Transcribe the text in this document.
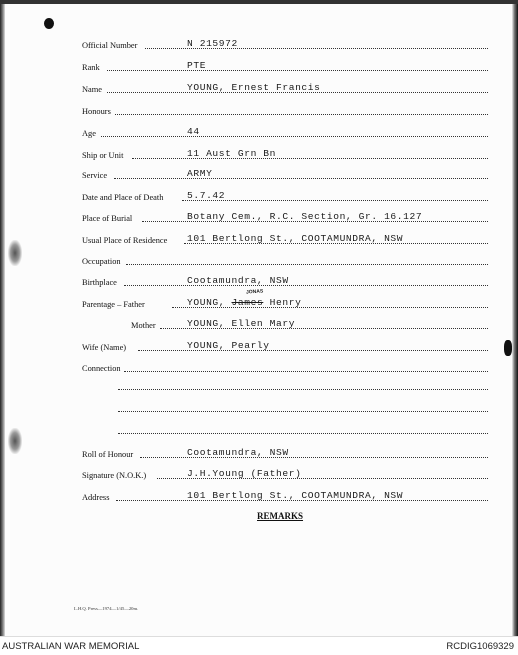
Official Number	N 215972
Rank	PTE
Name	YOUNG, Ernest Francis
Honours
Age	44
Ship or Unit	11 Aust Grn Bn
Service	ARMY
Date and Place of Death 5.7.42
Place of Burial	Botany Cem., R.C. Section, Gr. 16.127
Usual Place of Residence 101 Bertlong St., COOTAMUNDRA, NSW
Occupation
Birthplace	Cootamundra, NSW
Parentage – Father	YOUNG, James Henry
JONAS
Mother	YOUNG, Ellen Mary
Wife (Name)	YOUNG, Pearly
Connection
Roll of Honour	Cootamundra, NSW
Signature (N.O.K.)	J.H.Young (Father)
Address	101 Bertlong St., COOTAMUNDRA, NSW
REMARKS
L.H.Q. Press—1974—1/45—20m.
AUSTRALIAN WAR MEMORIAL	RCDIG1069329
